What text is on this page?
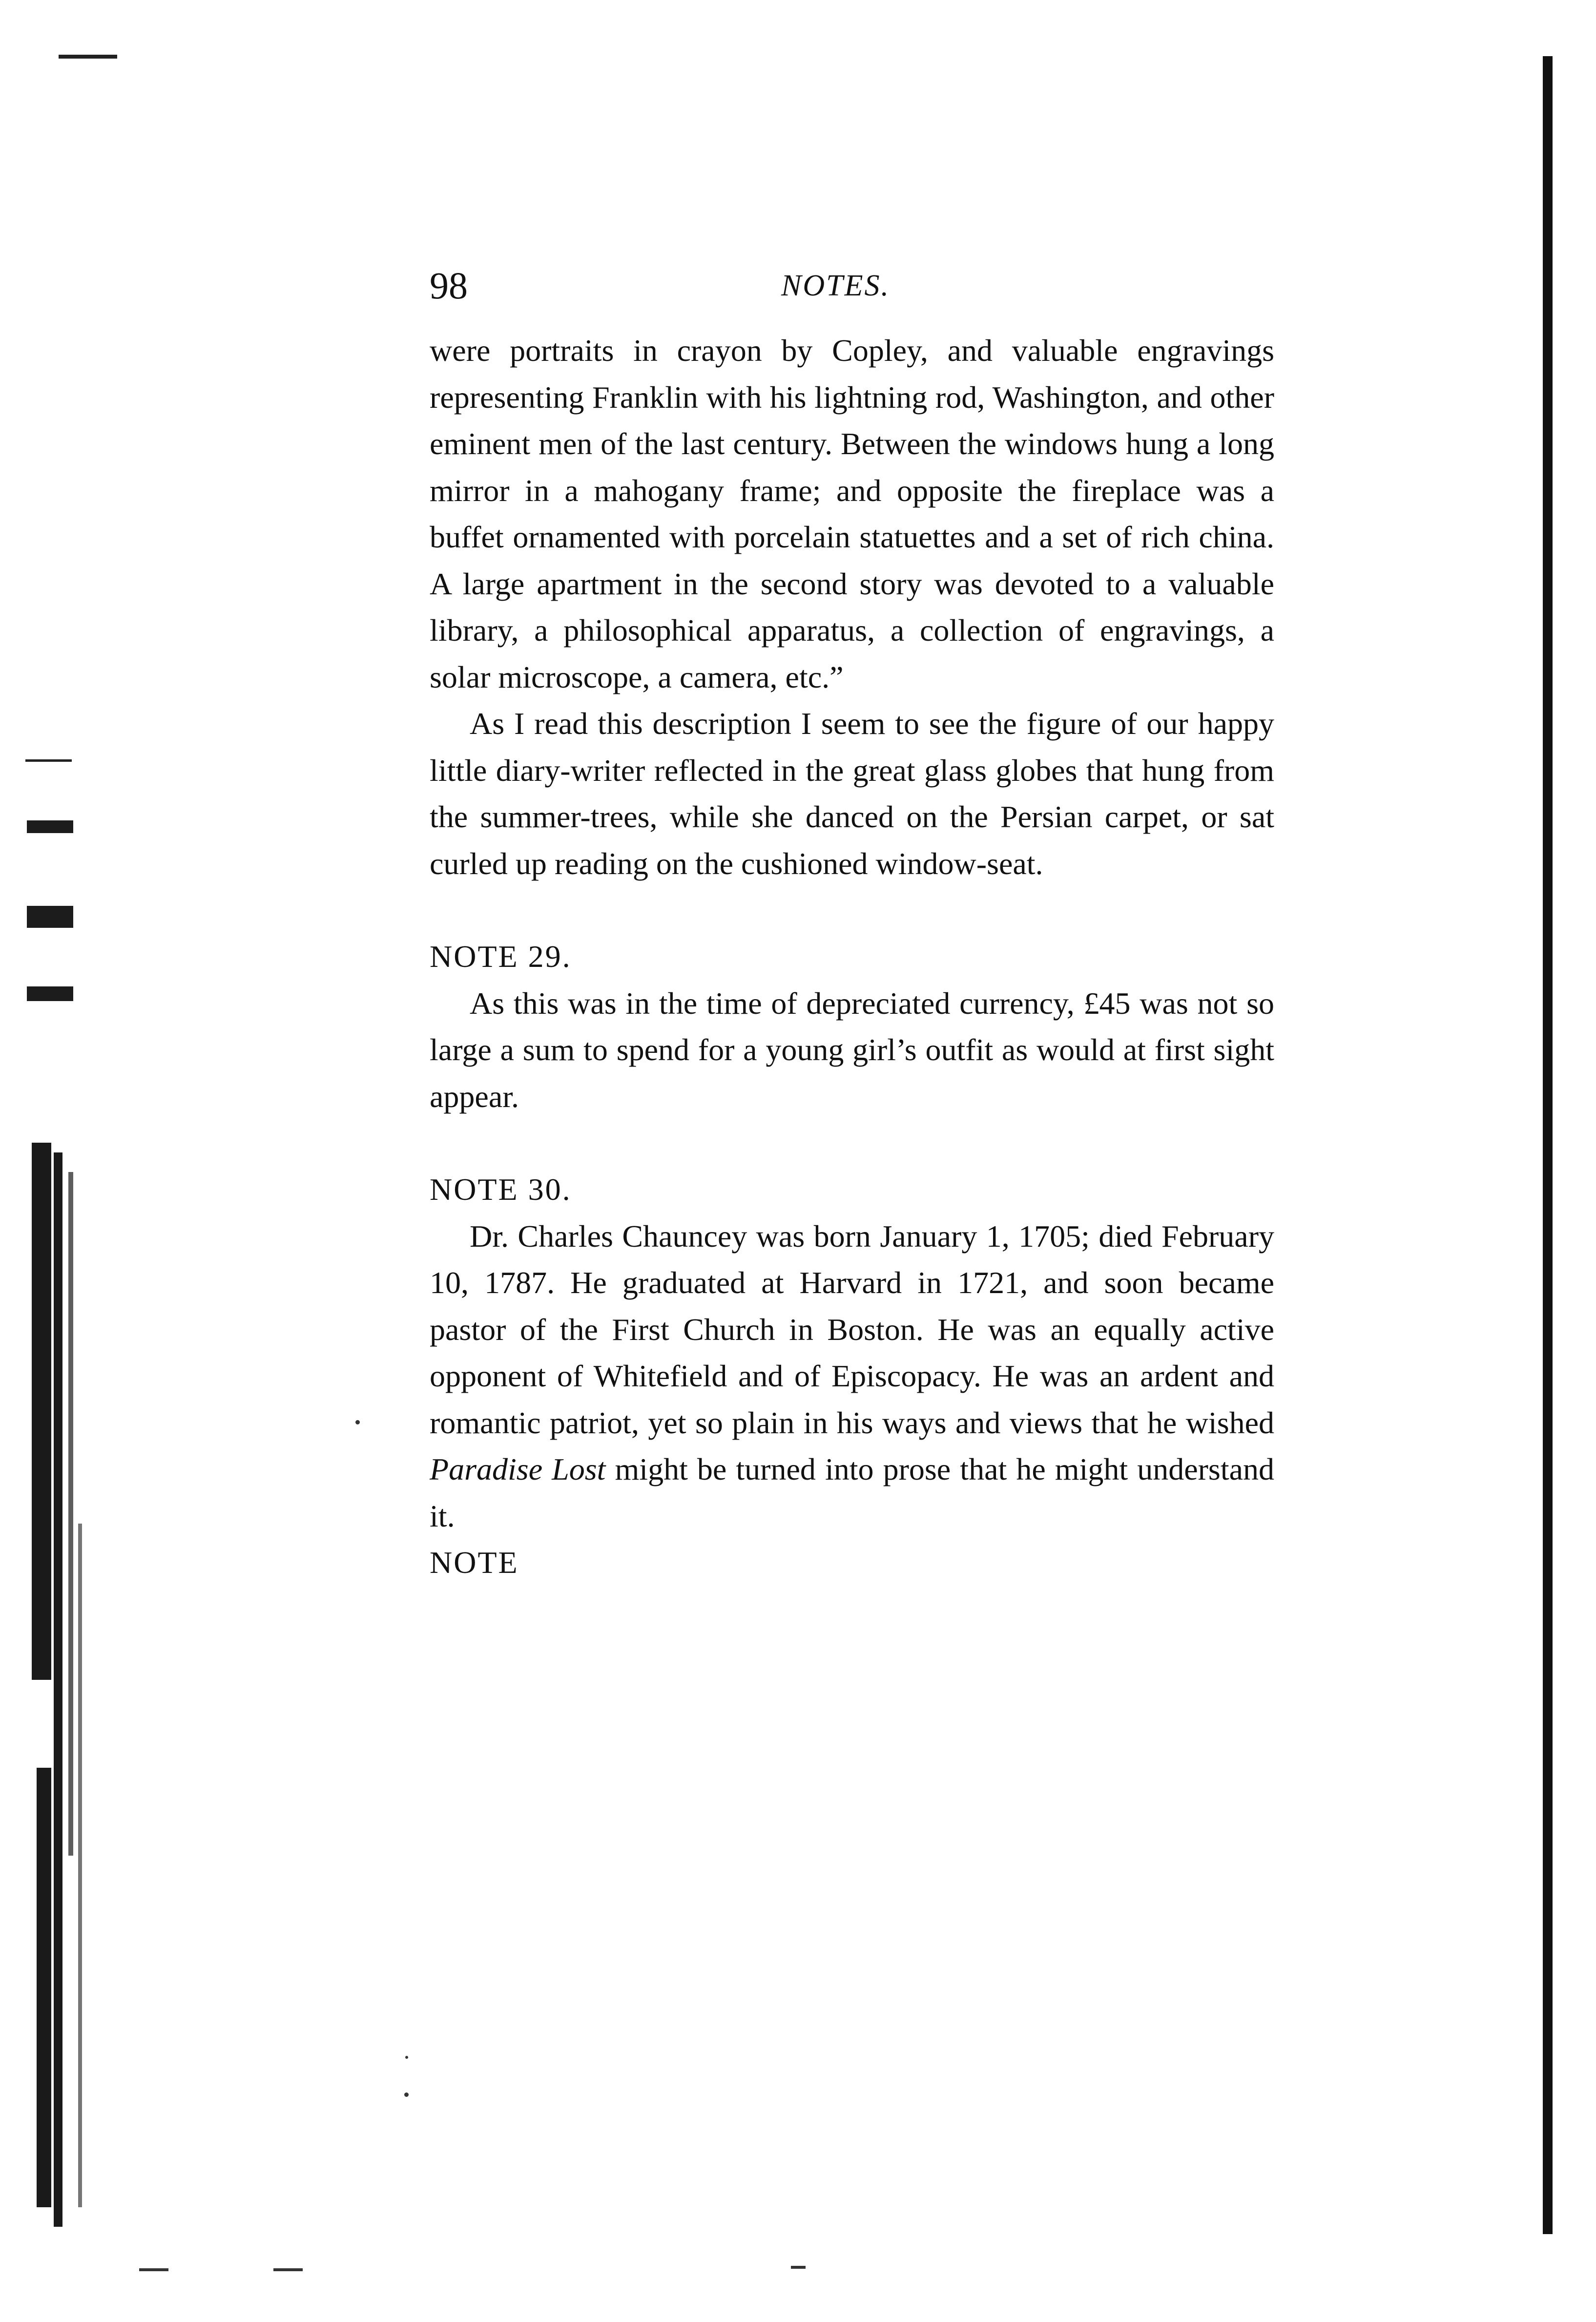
98	NOTES.

were portraits in crayon by Copley, and valuable engravings representing Franklin with his lightning rod, Washington, and other eminent men of the last century. Between the windows hung a long mirror in a mahogany frame; and opposite the fireplace was a buffet ornamented with porcelain statuettes and a set of rich china. A large apartment in the second story was devoted to a valuable library, a philosophical apparatus, a collection of engravings, a solar microscope, a camera, etc.”

As I read this description I seem to see the figure of our happy little diary-writer reflected in the great glass globes that hung from the summer-trees, while she danced on the Persian carpet, or sat curled up reading on the cushioned window-seat.

NOTE 29.

As this was in the time of depreciated currency, £45 was not so large a sum to spend for a young girl’s outfit as would at first sight appear.

NOTE 30.

Dr. Charles Chauncey was born January 1, 1705; died February 10, 1787. He graduated at Harvard in 1721, and soon became pastor of the First Church in Boston. He was an equally active opponent of Whitefield and of Episcopacy. He was an ardent and romantic patriot, yet so plain in his ways and views that he wished Paradise Lost might be turned into prose that he might understand it.

NOTE
